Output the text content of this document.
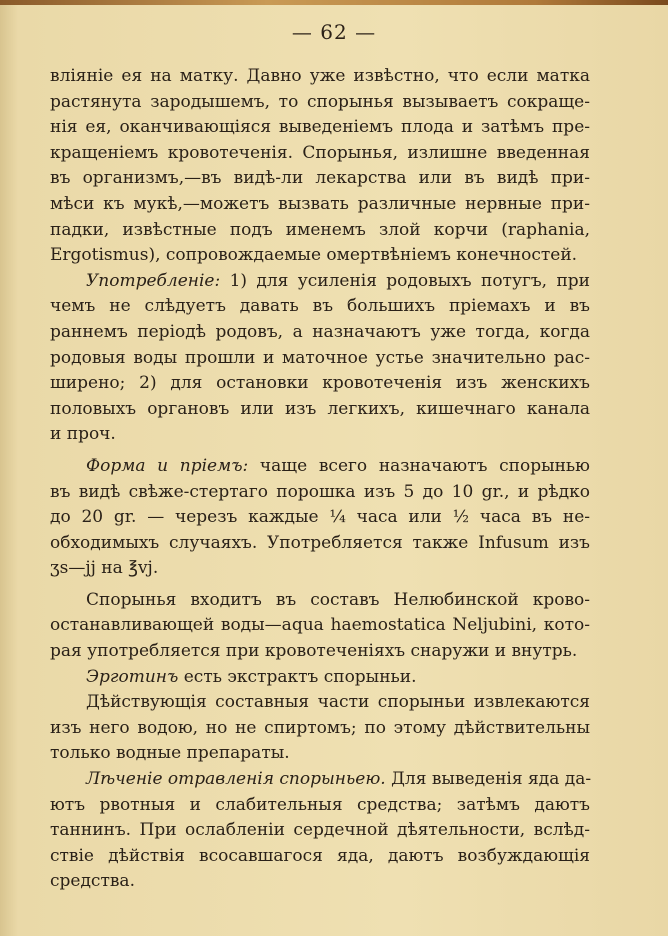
— 62 —
вліяніе ея на матку. Давно уже извѣстно, что если матка
растянута зародышемъ, то спорынья вызываетъ сокраще-
нія ея, оканчивающіяся выведеніемъ плода и затѣмъ пре-
кращеніемъ кровотеченія. Спорынья, излишне введенная
въ организмъ,—въ видѣ-ли лекарства или въ видѣ при-
мѣси къ мукѣ,—можетъ вызвать различные нервные при-
падки, извѣстные подъ именемъ злой корчи (raphania,
Ergotismus), сопровождаемые омертвѣніемъ конечностей.
Употребленіе: 1) для усиленія родовыхъ потугъ, при
чемъ не слѣдуетъ давать въ большихъ пріемахъ и въ
раннемъ періодѣ родовъ, а назначаютъ уже тогда, когда
родовыя воды прошли и маточное устье значительно рас-
ширено; 2) для остановки кровотеченія изъ женскихъ
половыхъ органовъ или изъ легкихъ, кишечнаго канала
и проч.
Форма и пріемъ: чаще всего назначаютъ спорынью
въ видѣ свѣже-стертаго порошка изъ 5 до 10 gr., и рѣдко
до 20 gr. — черезъ каждые ¼ часа или ½ часа въ не-
обходимыхъ случаяхъ. Употребляется также Infusum изъ
ʒs—jj на ℥vj.
Спорынья входитъ въ составъ Нелюбинской крово-
останавливающей воды—aqua haemostatica Neljubini, кото-
рая употребляется при кровотеченіяхъ снаружи и внутрь.
Эрготинъ есть экстрактъ спорыньи.
Дѣйствующія составныя части спорыньи извлекаются
изъ него водою, но не спиртомъ; по этому дѣйствительны
только водные препараты.
Лѣченіе отравленія спорыньею. Для выведенія яда да-
ютъ рвотныя и слабительныя средства; затѣмъ даютъ
таннинъ. При ослабленіи сердечной дѣятельности, вслѣд-
ствіе дѣйствія всосавшагося яда, даютъ возбуждающія
средства.
